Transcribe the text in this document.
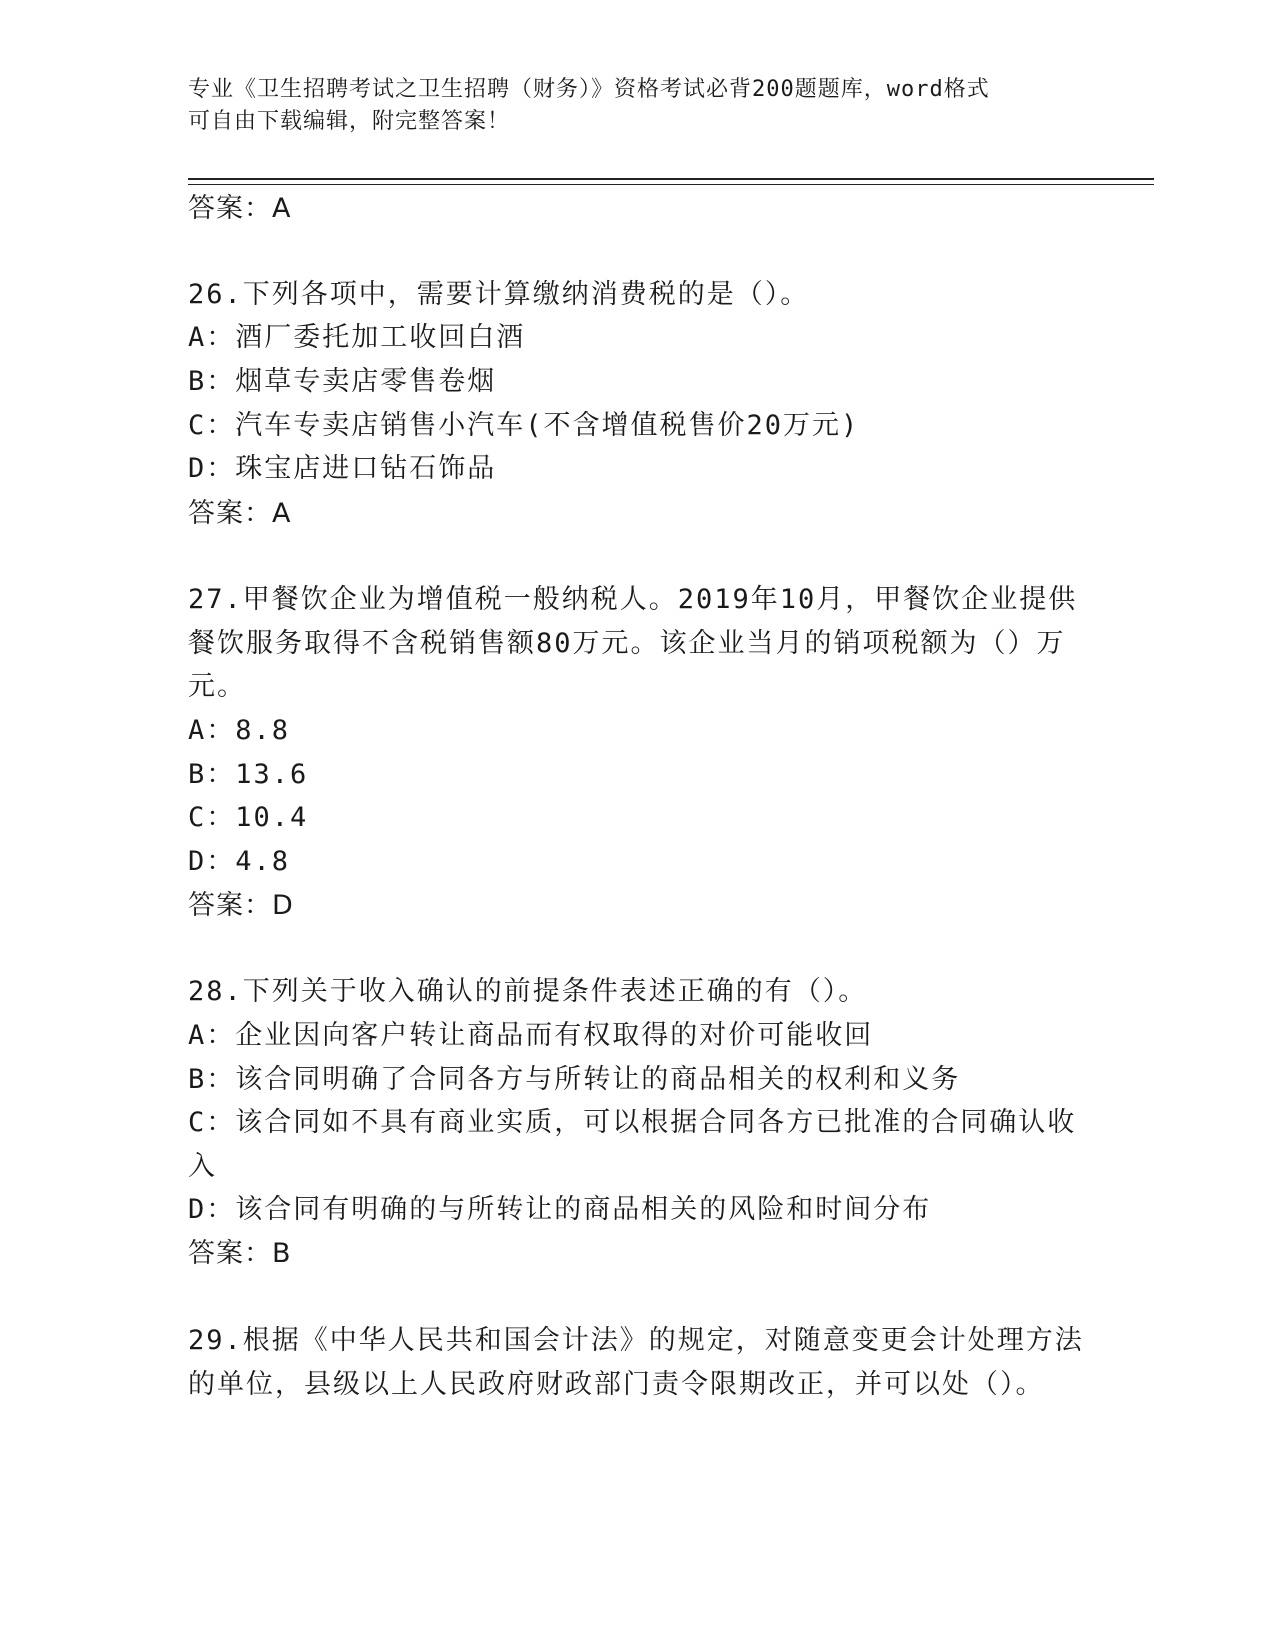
专业《卫生招聘考试之卫生招聘（财务）》资格考试必背200题题库，word格式
可自由下载编辑，附完整答案！
答案：A
26.下列各项中，需要计算缴纳消费税的是（）。
A：酒厂委托加工收回白酒
B：烟草专卖店零售卷烟
C：汽车专卖店销售小汽车(不含增值税售价20万元)
D：珠宝店进口钻石饰品
答案：A
27.甲餐饮企业为增值税一般纳税人。2019年10月，甲餐饮企业提供
餐饮服务取得不含税销售额80万元。该企业当月的销项税额为（）万
元。
A：8.8
B：13.6
C：10.4
D：4.8
答案：D
28.下列关于收入确认的前提条件表述正确的有（）。
A：企业因向客户转让商品而有权取得的对价可能收回
B：该合同明确了合同各方与所转让的商品相关的权利和义务
C：该合同如不具有商业实质，可以根据合同各方已批准的合同确认收
入
D：该合同有明确的与所转让的商品相关的风险和时间分布
答案：B
29.根据《中华人民共和国会计法》的规定，对随意变更会计处理方法
的单位，县级以上人民政府财政部门责令限期改正，并可以处（）。
